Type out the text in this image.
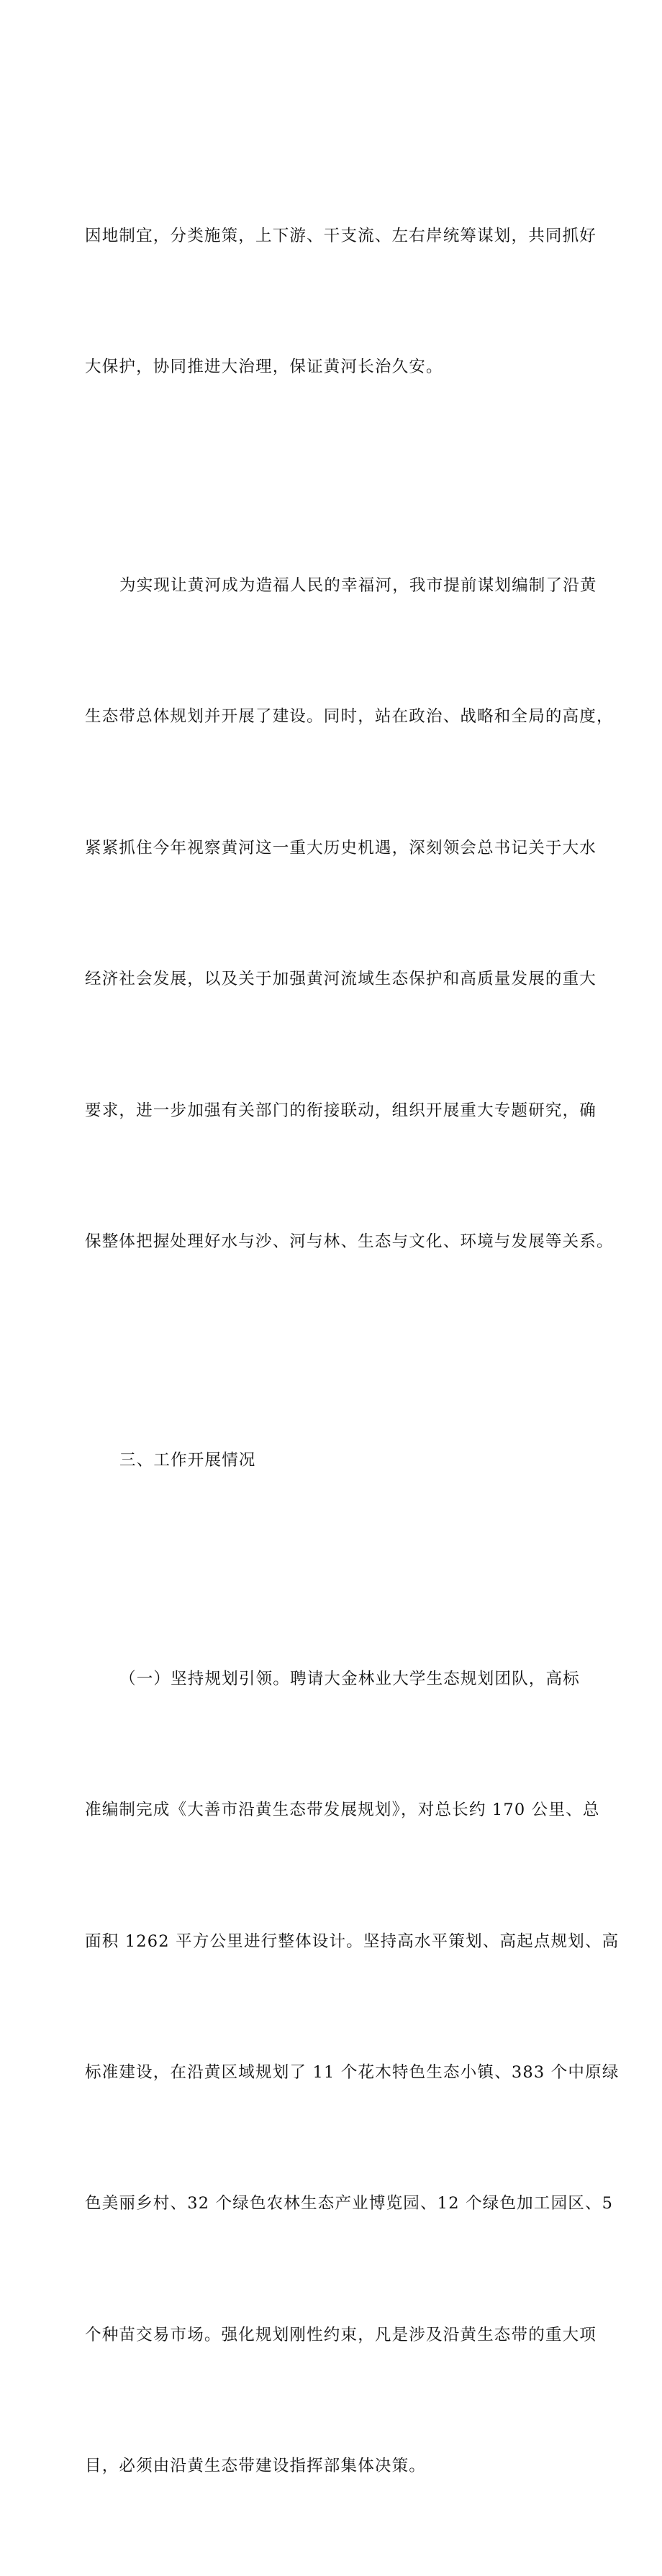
因地制宜，分类施策，上下游、干支流、左右岸统筹谋划，共同抓好

大保护，协同推进大治理，保证黄河长治久安。

为实现让黄河成为造福人民的幸福河，我市提前谋划编制了沿黄

生态带总体规划并开展了建设。同时，站在政治、战略和全局的高度，

紧紧抓住今年视察黄河这一重大历史机遇，深刻领会总书记关于大水

经济社会发展，以及关于加强黄河流域生态保护和高质量发展的重大

要求，进一步加强有关部门的衔接联动，组织开展重大专题研究，确

保整体把握处理好水与沙、河与林、生态与文化、环境与发展等关系。

三、工作开展情况

（一）坚持规划引领。聘请大金林业大学生态规划团队，高标

准编制完成《大善市沿黄生态带发展规划》，对总长约 170 公里、总

面积 1262 平方公里进行整体设计。坚持高水平策划、高起点规划、高

标准建设，在沿黄区域规划了 11 个花木特色生态小镇、383 个中原绿

色美丽乡村、32 个绿色农林生态产业博览园、12 个绿色加工园区、5

个种苗交易市场。强化规划刚性约束，凡是涉及沿黄生态带的重大项

目，必须由沿黄生态带建设指挥部集体决策。
